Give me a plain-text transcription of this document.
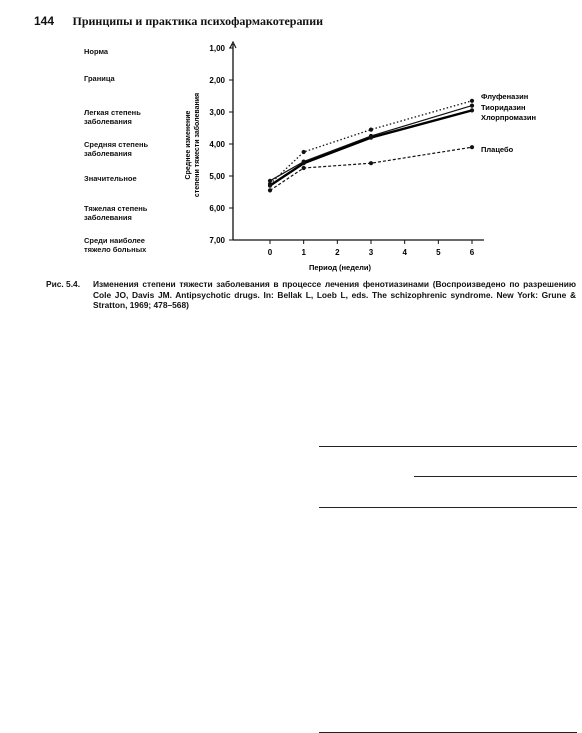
144 Принципы и практика психофармакотерапии
Норма
Граница
Легкая степень
заболевания
Средняя степень
заболевания
Значительное
Тяжелая степень
заболевания
Среди наиболее
тяжело больных
1,00
2,00
3,00
4,00
5,00
6,00
7,00
0	1	2	3	4	5	6
Период (недели)
Среднее изменение степени тяжести заболевания	Флуфеназин
Тиоридазин
Хлорпромазин
Плацебо
Рис. 5.4.	Изменения степени тяжести заболевания в процессе лечения фенотиазинами (Воспроизведено по разрешению Cole JO, Davis JM. Antipsychotic drugs. In: Bellak L, Loeb L, eds. The schizophrenic syndrome. New York: Grune & Stratton, 1969; 478–568)
